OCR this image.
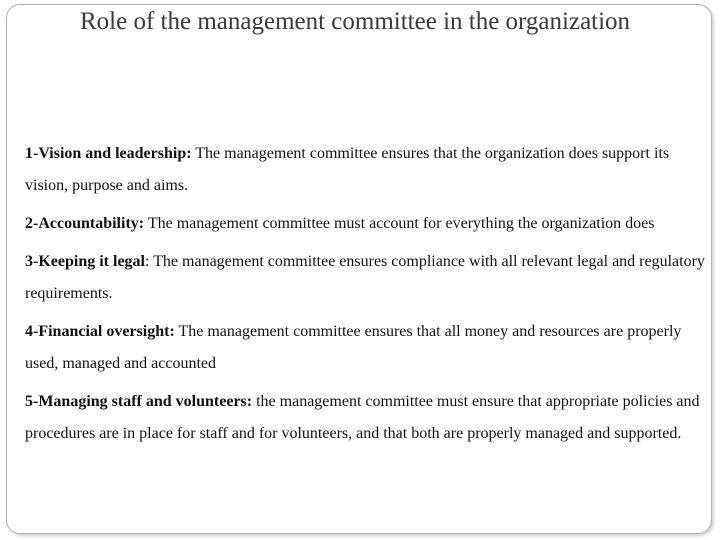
Role of the management committee in the organization

1-Vision and leadership: The management committee ensures that the organization does support its vision, purpose and aims.

2-Accountability: The management committee must account for everything the organization does

3-Keeping it legal: The management committee ensures compliance with all relevant legal and regulatory requirements.

4-Financial oversight: The management committee ensures that all money and resources are properly used, managed and accounted

5-Managing staff and volunteers: the management committee must ensure that appropriate policies and procedures are in place for staff and for volunteers, and that both are properly managed and supported.
